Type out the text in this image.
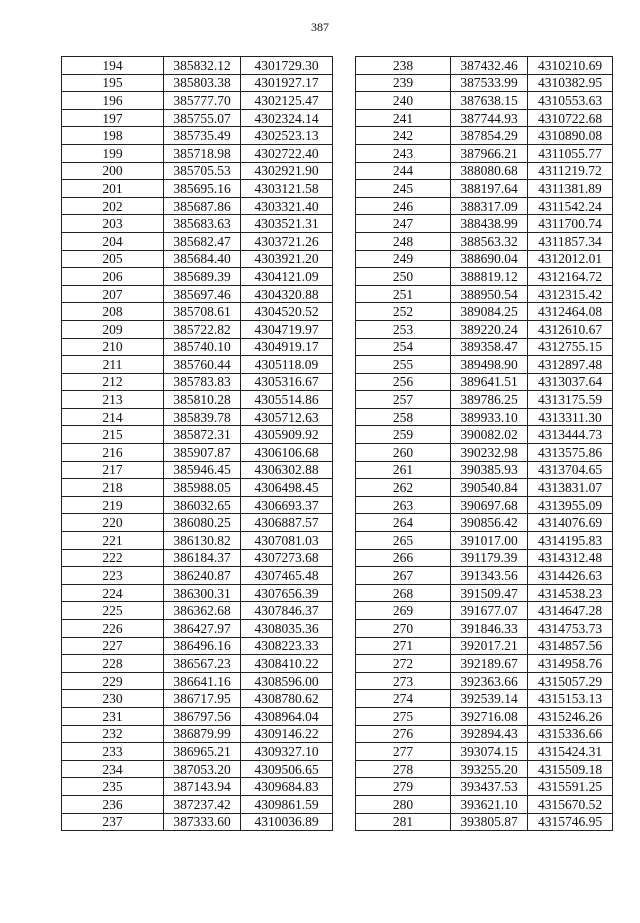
387
194	385832.12	4301729.30
195	385803.38	4301927.17
196	385777.70	4302125.47
197	385755.07	4302324.14
198	385735.49	4302523.13
199	385718.98	4302722.40
200	385705.53	4302921.90
201	385695.16	4303121.58
202	385687.86	4303321.40
203	385683.63	4303521.31
204	385682.47	4303721.26
205	385684.40	4303921.20
206	385689.39	4304121.09
207	385697.46	4304320.88
208	385708.61	4304520.52
209	385722.82	4304719.97
210	385740.10	4304919.17
211	385760.44	4305118.09
212	385783.83	4305316.67
213	385810.28	4305514.86
214	385839.78	4305712.63
215	385872.31	4305909.92
216	385907.87	4306106.68
217	385946.45	4306302.88
218	385988.05	4306498.45
219	386032.65	4306693.37
220	386080.25	4306887.57
221	386130.82	4307081.03
222	386184.37	4307273.68
223	386240.87	4307465.48
224	386300.31	4307656.39
225	386362.68	4307846.37
226	386427.97	4308035.36
227	386496.16	4308223.33
228	386567.23	4308410.22
229	386641.16	4308596.00
230	386717.95	4308780.62
231	386797.56	4308964.04
232	386879.99	4309146.22
233	386965.21	4309327.10
234	387053.20	4309506.65
235	387143.94	4309684.83
236	387237.42	4309861.59
237	387333.60	4310036.89
238	387432.46	4310210.69
239	387533.99	4310382.95
240	387638.15	4310553.63
241	387744.93	4310722.68
242	387854.29	4310890.08
243	387966.21	4311055.77
244	388080.68	4311219.72
245	388197.64	4311381.89
246	388317.09	4311542.24
247	388438.99	4311700.74
248	388563.32	4311857.34
249	388690.04	4312012.01
250	388819.12	4312164.72
251	388950.54	4312315.42
252	389084.25	4312464.08
253	389220.24	4312610.67
254	389358.47	4312755.15
255	389498.90	4312897.48
256	389641.51	4313037.64
257	389786.25	4313175.59
258	389933.10	4313311.30
259	390082.02	4313444.73
260	390232.98	4313575.86
261	390385.93	4313704.65
262	390540.84	4313831.07
263	390697.68	4313955.09
264	390856.42	4314076.69
265	391017.00	4314195.83
266	391179.39	4314312.48
267	391343.56	4314426.63
268	391509.47	4314538.23
269	391677.07	4314647.28
270	391846.33	4314753.73
271	392017.21	4314857.56
272	392189.67	4314958.76
273	392363.66	4315057.29
274	392539.14	4315153.13
275	392716.08	4315246.26
276	392894.43	4315336.66
277	393074.15	4315424.31
278	393255.20	4315509.18
279	393437.53	4315591.25
280	393621.10	4315670.52
281	393805.87	4315746.95
